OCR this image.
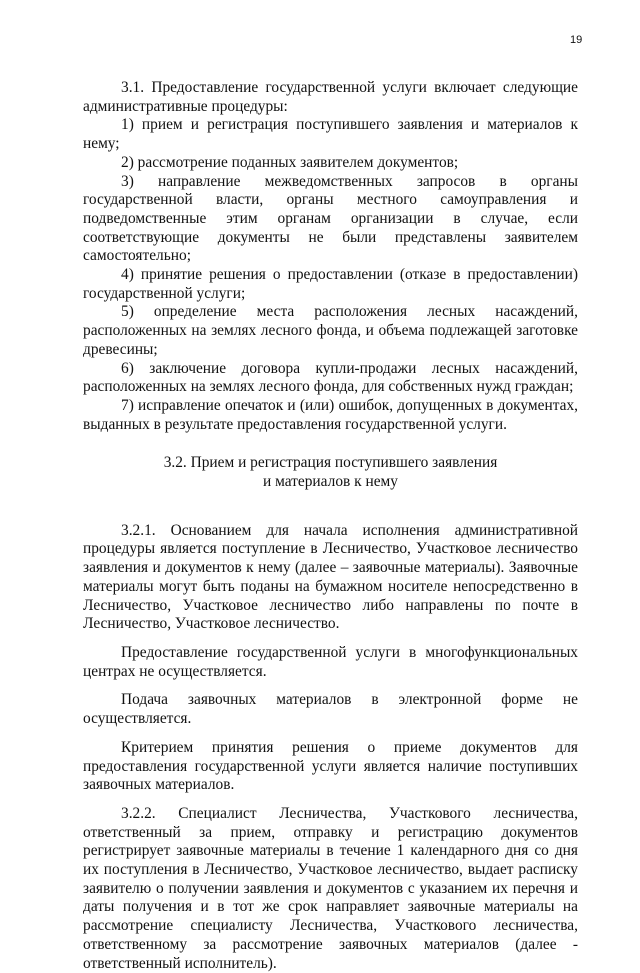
19

3.1. Предоставление государственной услуги включает следующие административные процедуры:

1) прием и регистрация поступившего заявления и материалов к нему;

2) рассмотрение поданных заявителем документов;

3) направление межведомственных запросов в органы государственной власти, органы местного самоуправления и подведомственные этим органам организации в случае, если соответствующие документы не были представлены заявителем самостоятельно;

4) принятие решения о предоставлении (отказе в предоставлении) государственной услуги;

5) определение места расположения лесных насаждений, расположенных на землях лесного фонда, и объема подлежащей заготовке древесины;

6) заключение договора купли-продажи лесных насаждений, расположенных на землях лесного фонда, для собственных нужд граждан;

7) исправление опечаток и (или) ошибок, допущенных в документах, выданных в результате предоставления государственной услуги.

3.2. Прием и регистрация поступившего заявления
и материалов к нему

3.2.1. Основанием для начала исполнения административной процедуры является поступление в Лесничество, Участковое лесничество заявления и документов к нему (далее – заявочные материалы). Заявочные материалы могут быть поданы на бумажном носителе непосредственно в Лесничество, Участковое лесничество либо направлены по почте в Лесничество, Участковое лесничество.

Предоставление государственной услуги в многофункциональных центрах не осуществляется.

Подача заявочных материалов в электронной форме не осуществляется.

Критерием принятия решения о приеме документов для предоставления государственной услуги является наличие поступивших заявочных материалов.

3.2.2. Специалист Лесничества, Участкового лесничества, ответственный за прием, отправку и регистрацию документов регистрирует заявочные материалы в течение 1 календарного дня со дня их поступления в Лесничество, Участковое лесничество, выдает расписку заявителю о получении заявления и документов с указанием их перечня и даты получения и в тот же срок направляет заявочные материалы на рассмотрение специалисту Лесничества, Участкового лесничества, ответственному за рассмотрение заявочных материалов (далее - ответственный исполнитель).
